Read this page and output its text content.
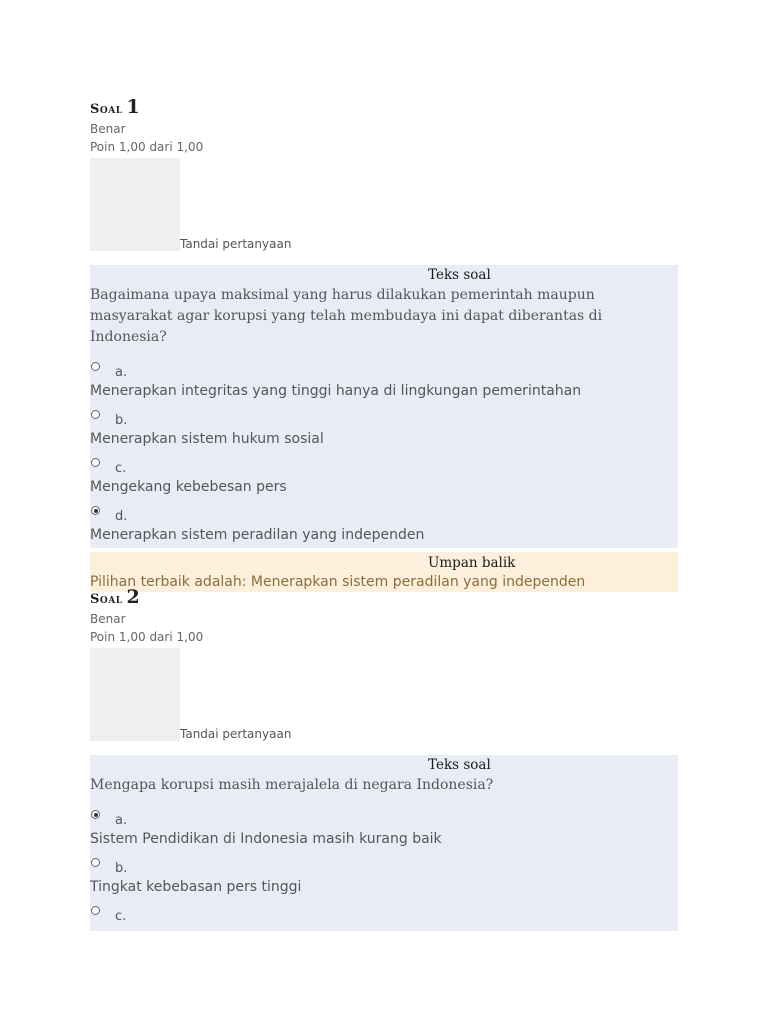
Soal 1
Benar
Poin 1,00 dari 1,00
Tandai pertanyaan
Teks soal
Bagaimana upaya maksimal yang harus dilakukan pemerintah maupun masyarakat agar korupsi yang telah membudaya ini dapat diberantas di Indonesia?
a.
Menerapkan integritas yang tinggi hanya di lingkungan pemerintahan
b.
Menerapkan sistem hukum sosial
c.
Mengekang kebebesan pers
d.
Menerapkan sistem peradilan yang independen
Umpan balik
Pilihan terbaik adalah: Menerapkan sistem peradilan yang independen
Soal 2
Benar
Poin 1,00 dari 1,00
Tandai pertanyaan
Teks soal
Mengapa korupsi masih merajalela di negara Indonesia?
a.
Sistem Pendidikan di Indonesia masih kurang baik
b.
Tingkat kebebasan pers tinggi
c.
